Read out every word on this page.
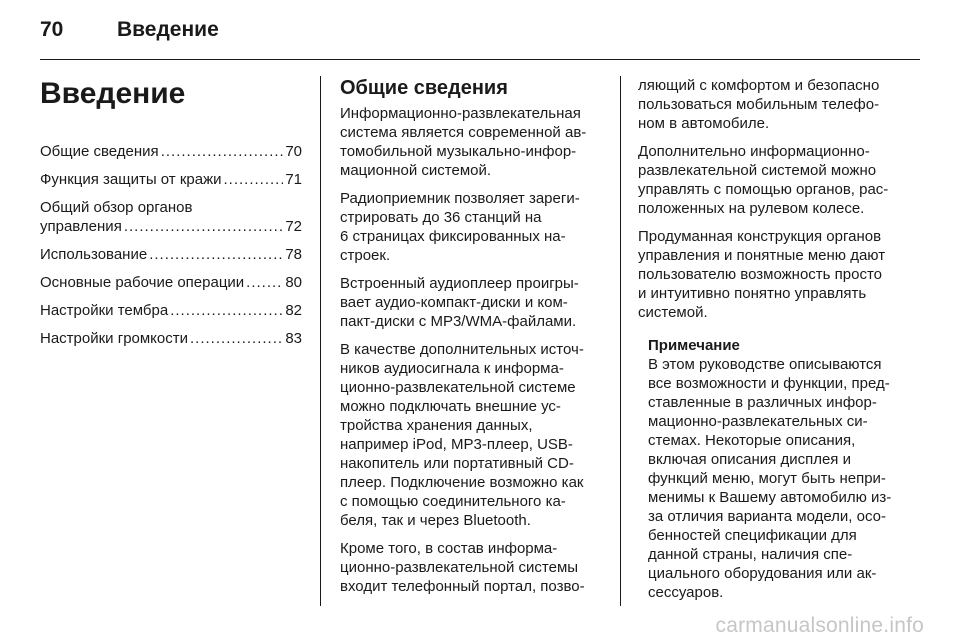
70	Введение
Введение
Общие сведения .....	70
Функция защиты от кражи .....	71
Общий обзор органов
управления .....	72
Использование .....	78
Основные рабочие операции .....	80
Настройки тембра .....	82
Настройки громкости .....	83
Общие сведения

Информационно-развлекательная
система является современной ав-
томобильной музыкально-инфор-
мационной системой.

Радиоприемник позволяет зареги-
стрировать до 36 станций на
6 страницах фиксированных на-
строек.

Встроенный аудиоплеер проигры-
вает аудио-компакт-диски и ком-
пакт-диски с MP3/WMA-файлами.

В качестве дополнительных источ-
ников аудиосигнала к информа-
ционно-развлекательной системе
можно подключать внешние ус-
тройства хранения данных,
например iPod, MP3-плеер, USB-
накопитель или портативный CD-
плеер. Подключение возможно как
с помощью соединительного ка-
беля, так и через Bluetooth.

Кроме того, в состав информа-
ционно-развлекательной системы
входит телефонный портал, позво-

ляющий с комфортом и безопасно
пользоваться мобильным телефо-
ном в автомобиле.

Дополнительно информационно-
развлекательной системой можно
управлять с помощью органов, рас-
положенных на рулевом колесе.

Продуманная конструкция органов
управления и понятные меню дают
пользователю возможность просто
и интуитивно понятно управлять
системой.

Примечание

В этом руководстве описываются
все возможности и функции, пред-
ставленные в различных инфор-
мационно-развлекательных си-
стемах. Некоторые описания,
включая описания дисплея и
функций меню, могут быть непри-
менимы к Вашему автомобилю из-
за отличия варианта модели, осо-
бенностей спецификации для
данной страны, наличия спе-
циального оборудования или ак-
сессуаров.

carmanualsonline.info
